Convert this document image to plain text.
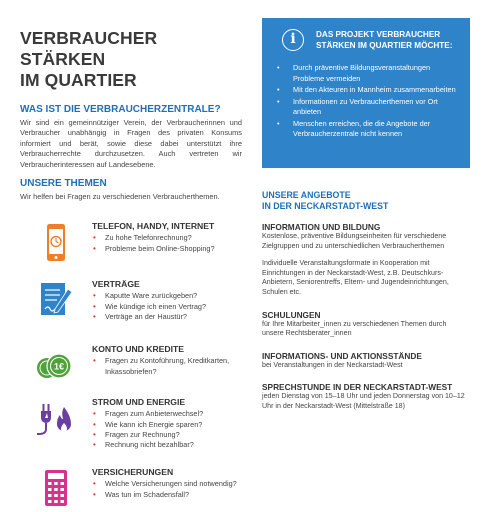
VERBRAUCHER STÄRKEN
IM QUARTIER
WAS IST DIE VERBRAUCHERZENTRALE?

Wir sind ein gemeinnütziger Verein, der Verbraucherinnen und Verbraucher unabhängig in Fragen des privaten Konsums informiert und berät, sowie diese dabei unterstützt ihre Verbraucherrechte durchzusetzen. Auch vertreten wir Verbraucherinteressen auf Landesebene.

UNSERE THEMEN

Wir helfen bei Fragen zu verschiedenen Verbraucherthemen.

TELEFON, HANDY, INTERNET
• Zu hohe Telefonrechnung?
• Probleme beim Online-Shopping?
VERTRÄGE
• Kaputte Ware zurückgeben?
• Wie kündige ich einen Vertrag?
• Verträge an der Haustür?
1€
KONTO UND KREDITE
• Fragen zu Kontoführung, Kreditkarten, Inkassobriefen?
STROM UND ENERGIE
• Fragen zum Anbieterwechsel?
• Wie kann ich Energie sparen?
• Fragen zur Rechnung?
• Rechnung nicht bezahlbar?
VERSICHERUNGEN
• Welche Versicherungen sind notwendig?
• Was tun im Schadensfall?
i	DAS PROJEKT VERBRAUCHER
STÄRKEN IM QUARTIER MÖCHTE:
• Durch präventive Bildungsveranstaltungen Probleme vermeiden
• Mit den Akteuren in Mannheim zusammenarbeiten
• Informationen zu Verbraucherthemen vor Ort anbieten
• Menschen erreichen, die die Angebote der Verbraucherzentrale nicht kennen
UNSERE ANGEBOTE
IN DER NECKARSTADT-WEST
INFORMATION UND BILDUNG

Kostenlose, präventive Bildungseinheiten für verschiedene Zielgruppen und zu unterschiedlichen Verbraucherthemen

Individuelle Veranstaltungsformate in Kooperation mit Einrichtungen in der Neckarstadt-West, z.B. Deutschkurs-Anbietern, Seniorentreffs, Eltern- und Jugendeinrichtungen, Schulen etc.

SCHULUNGEN

für Ihre Mitarbeiter_innen zu verschiedenen Themen durch unsere Rechtsberater_innen

INFORMATIONS- UND AKTIONSSTÄNDE

bei Veranstaltungen in der Neckarstadt-West

SPRECHSTUNDE IN DER NECKARSTADT-WEST

jeden Dienstag von 15–18 Uhr und jeden Donnerstag von 10–12 Uhr in der Neckarstadt-West (Mittelstraße 18)
